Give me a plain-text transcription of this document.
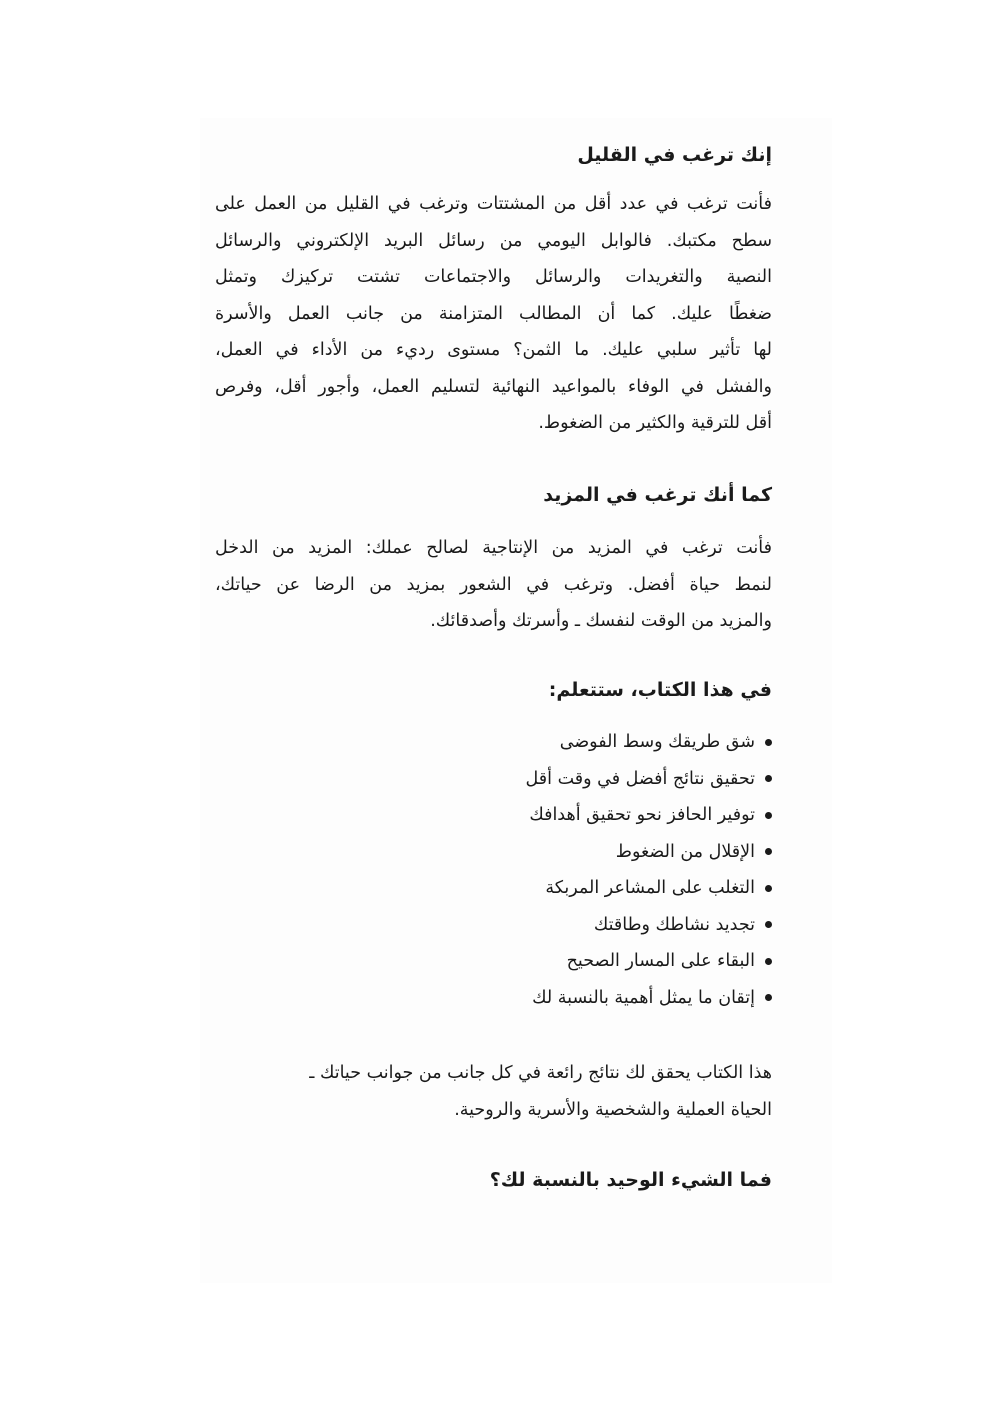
إنك ترغب في القليل
فأنت ترغب في عدد أقل من المشتتات وترغب في القليل من العمل على
سطح مكتبك. فالوابل اليومي من رسائل البريد الإلكتروني والرسائل
النصية والتغريدات والرسائل والاجتماعات تشتت تركيزك وتمثل
ضغطًا عليك. كما أن المطالب المتزامنة من جانب العمل والأسرة
لها تأثير سلبي عليك. ما الثمن؟ مستوى رديء من الأداء في العمل،
والفشل في الوفاء بالمواعيد النهائية لتسليم العمل، وأجور أقل، وفرص
أقل للترقية والكثير من الضغوط.
كما أنك ترغب في المزيد
فأنت ترغب في المزيد من الإنتاجية لصالح عملك: المزيد من الدخل
لنمط حياة أفضل. وترغب في الشعور بمزيد من الرضا عن حياتك،
والمزيد من الوقت لنفسك ـ وأسرتك وأصدقائك.
في هذا الكتاب، ستتعلم:
شق طريقك وسط الفوضى
تحقيق نتائج أفضل في وقت أقل
توفير الحافز نحو تحقيق أهدافك
الإقلال من الضغوط
التغلب على المشاعر المربكة
تجديد نشاطك وطاقتك
البقاء على المسار الصحيح
إتقان ما يمثل أهمية بالنسبة لك
هذا الكتاب يحقق لك نتائج رائعة في كل جانب من جوانب حياتك ـ
الحياة العملية والشخصية والأسرية والروحية.
فما الشيء الوحيد بالنسبة لك؟
